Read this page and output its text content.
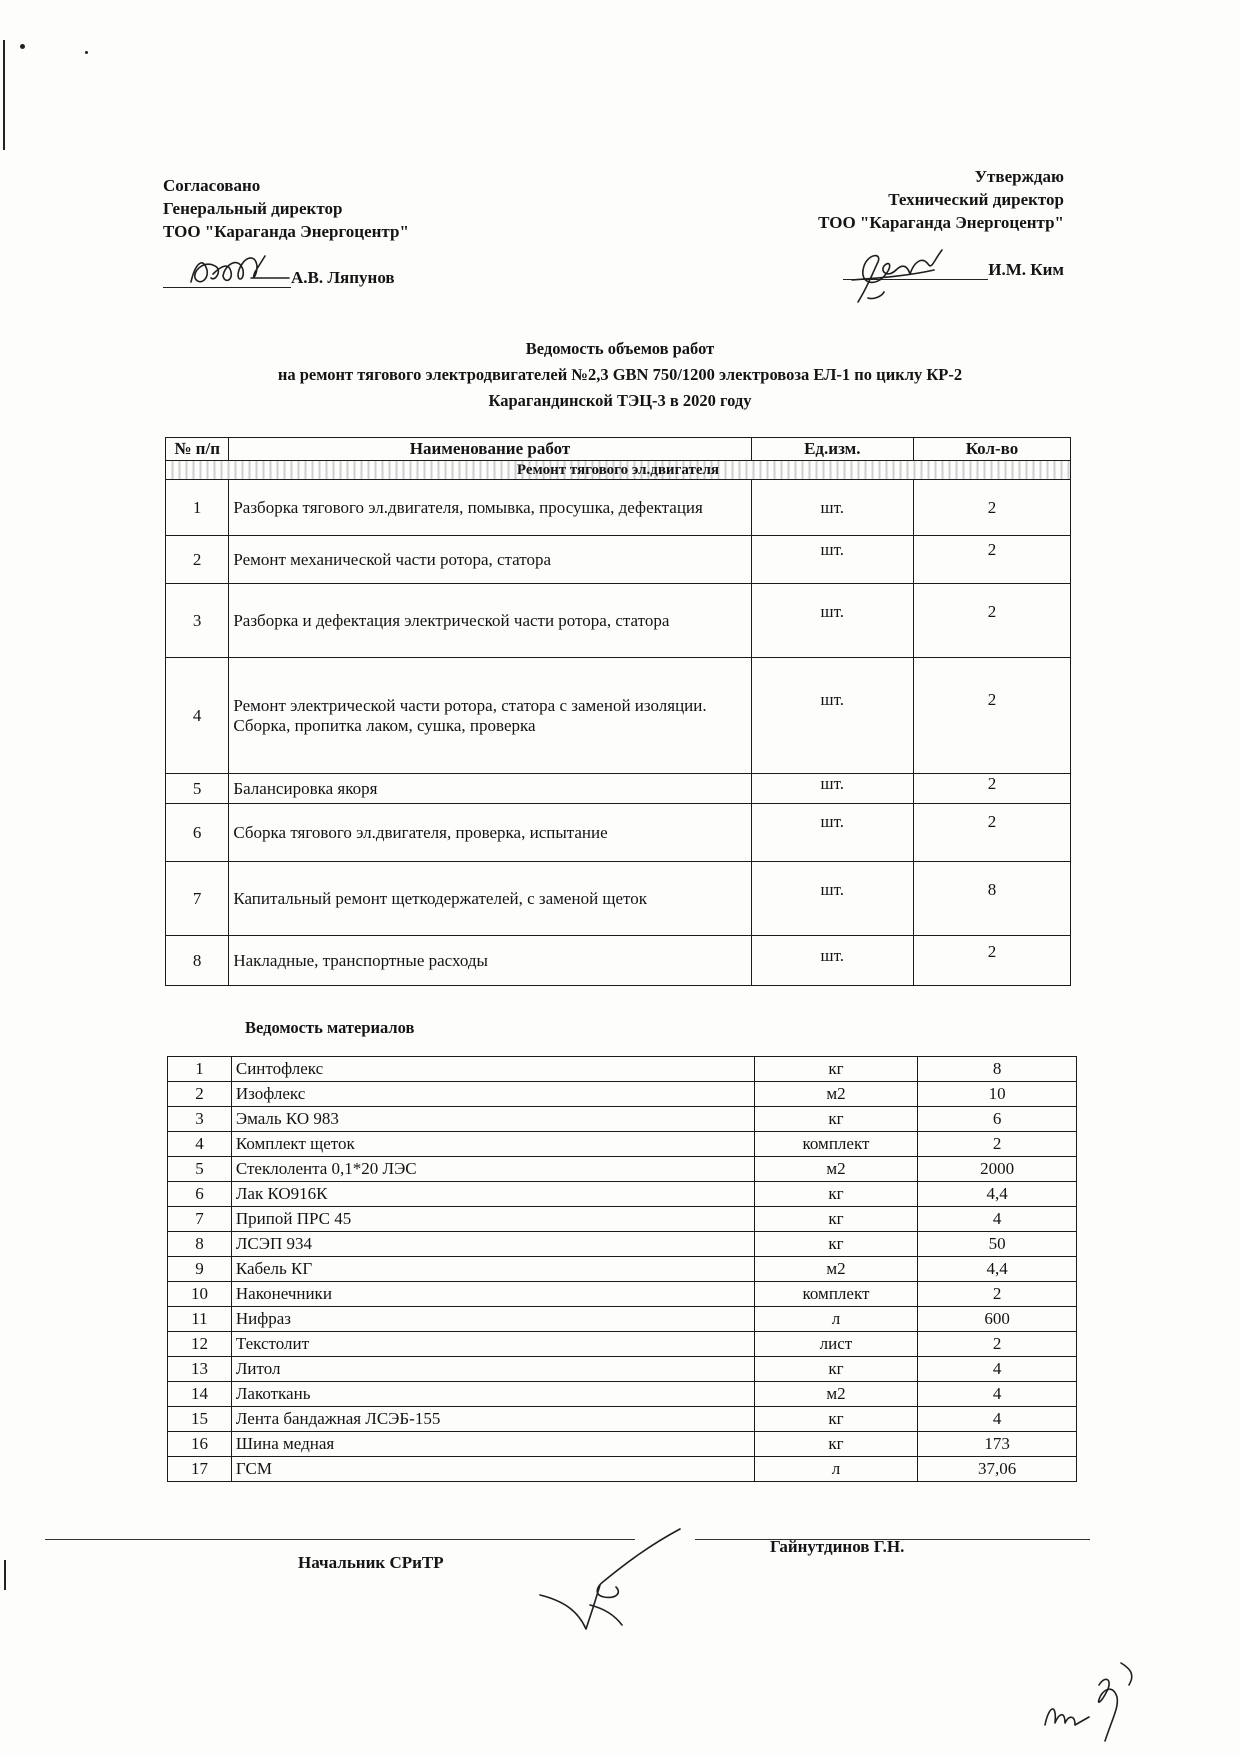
Согласовано
Генеральный директор
ТОО "Караганда Энергоцентр"
А.В. Ляпунов
Утверждаю
Технический директор
ТОО "Караганда Энергоцентр"
И.М. Ким
Ведомость объемов работ
на ремонт тягового электродвигателей №2,3 GBN 750/1200 электровоза ЕЛ-1 по циклу КР-2
Карагандинской ТЭЦ-3 в 2020 году
№ п/п	Наименование работ	Ед.изм.	Кол-во
Ремонт тягового эл.двигателя			
1	Разборка тягового эл.двигателя, помывка, просушка, дефектация	шт.	2
2	Ремонт механической части ротора, статора	шт.	2
3	Разборка и дефектация электрической части ротора, статора	шт.	2
4	Ремонт электрической части ротора, статора с заменой изоляции. Сборка, пропитка лаком, сушка, проверка	шт.	2
5	Балансировка якоря	шт.	2
6	Сборка тягового эл.двигателя, проверка, испытание	шт.	2
7	Капитальный ремонт щеткодержателей, с заменой щеток	шт.	8
8	Накладные, транспортные расходы	шт.	2
Ведомость материалов
1	Синтофлекс	кг	8
2	Изофлекс	м2	10
3	Эмаль КО 983	кг	6
4	Комплект щеток	комплект	2
5	Стеклолента 0,1*20 ЛЭС	м2	2000
6	Лак КО916К	кг	4,4
7	Припой ПРС 45	кг	4
8	ЛСЭП 934	кг	50
9	Кабель КГ	м2	4,4
10	Наконечники	комплект	2
11	Нифраз	л	600
12	Текстолит	лист	2
13	Литол	кг	4
14	Лакоткань	м2	4
15	Лента бандажная ЛСЭБ-155	кг	4
16	Шина медная	кг	173
17	ГСМ	л	37,06
Начальник СРиТР
Гайнутдинов Г.Н.
